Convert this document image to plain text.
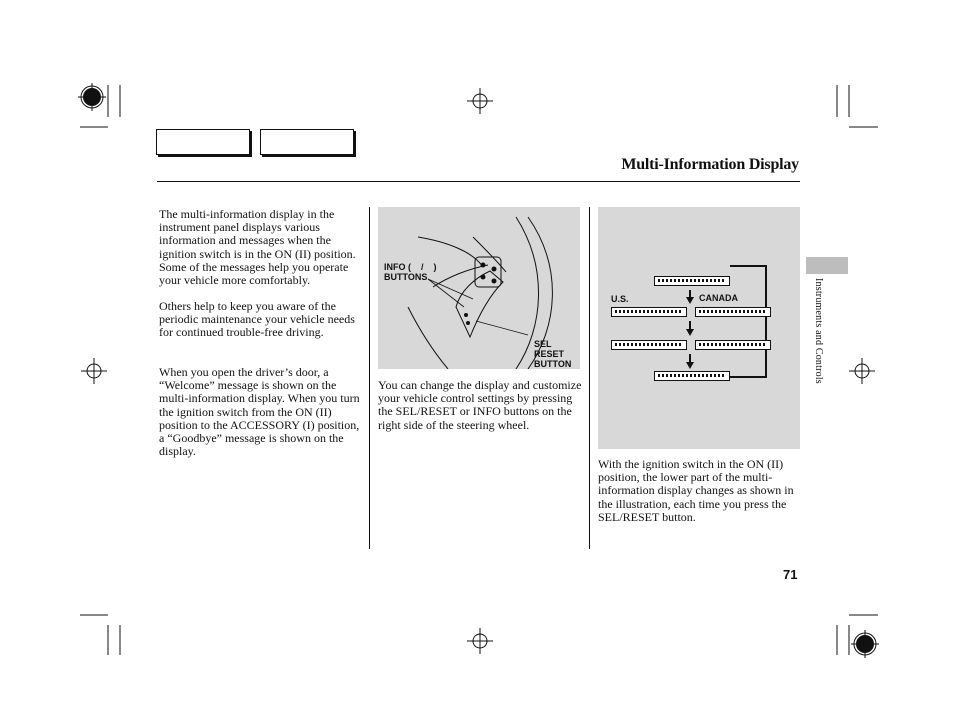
Multi-Information Display

The multi-information display in the instrument panel displays various information and messages when the ignition switch is in the ON (II) position. Some of the messages help you operate your vehicle more comfortably.

Others help to keep you aware of the periodic maintenance your vehicle needs for continued trouble-free driving.

When you open the driver’s door, a “Welcome” message is shown on the multi-information display. When you turn the ignition switch from the ON (II) position to the ACCESSORY (I) position, a “Goodbye” message is shown on the display.

INFO (    /    )
BUTTONS
SEL
RESET
BUTTON

You can change the display and customize your vehicle control settings by pressing the SEL/RESET or INFO buttons on the right side of the steering wheel.

U.S.	CANADA

With the ignition switch in the ON (II) position, the lower part of the multi-information display changes as shown in the illustration, each time you press the SEL/RESET button.

Instruments and Controls
71
